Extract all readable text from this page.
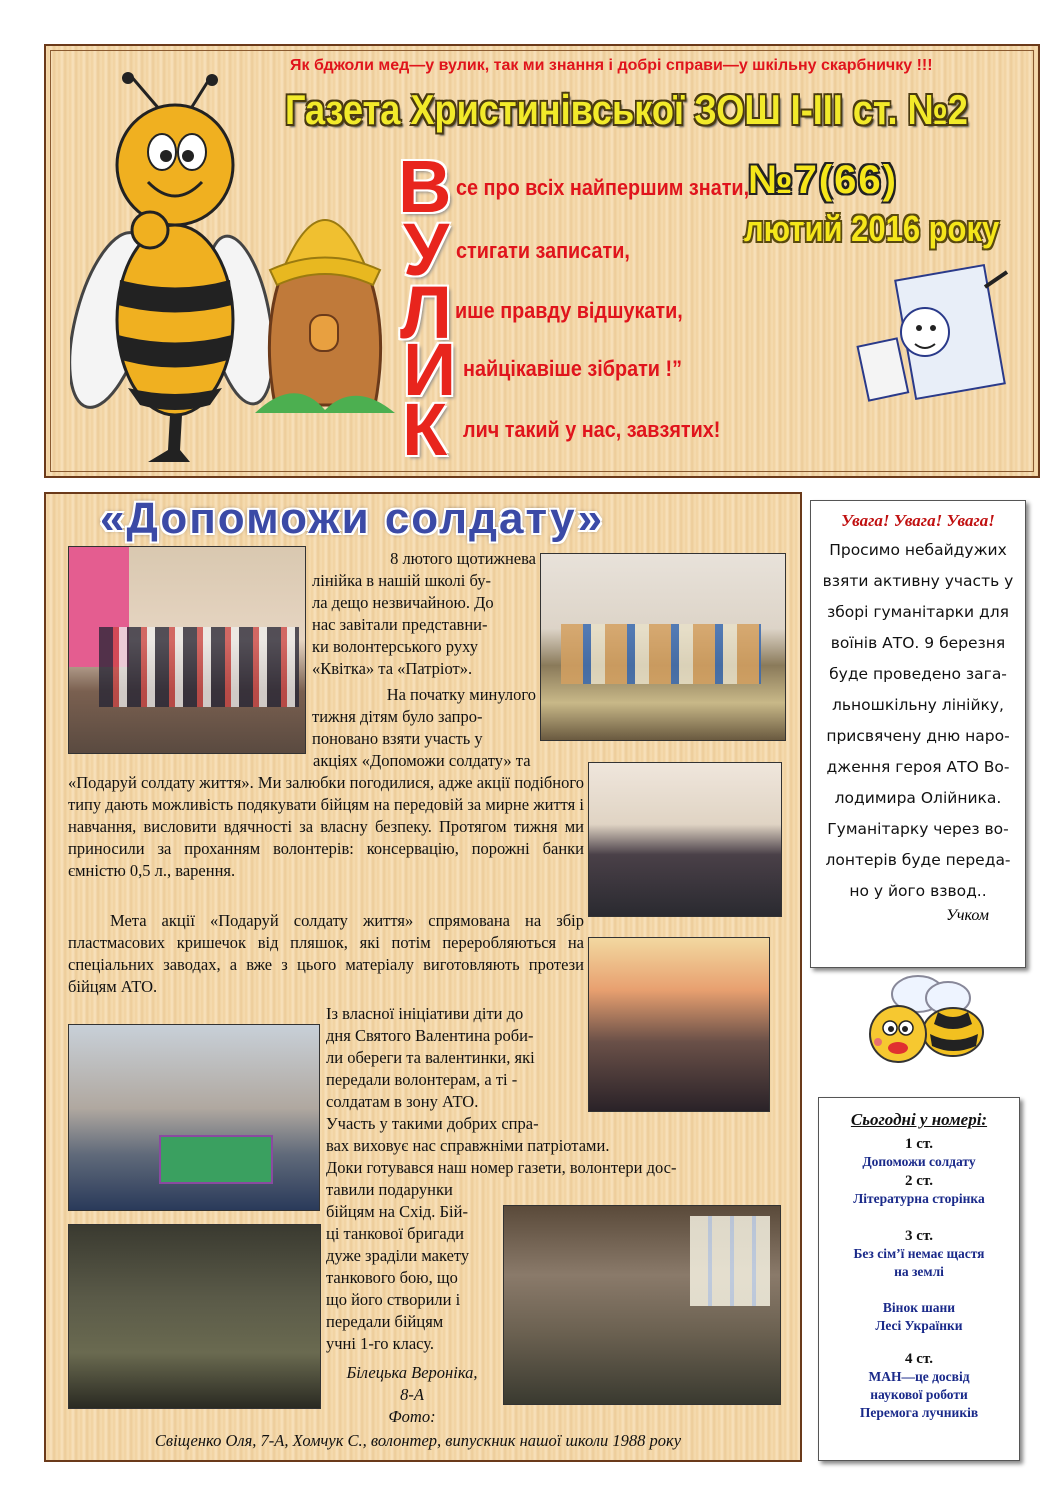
Як бджоли мед—у вулик, так ми знання і добрі справи—у шкільну скарбничку !!!
Газета Христинівської ЗОШ І-ІІІ ст. №2
№7(66)
лютий 2016 року
В
У
Л
И
К
се про всіх найпершим знати,
стигати записати,
ише правду відшукати,
найцікавіше зібрати !”
лич такий у нас, завзятих!
«Допоможи солдату»
8 лютого щотижнева
лінійка в нашій школі бу-
ла дещо незвичайною. До
нас завітали представни-
ки волонтерського руху
«Квітка» та «Патріот».
На початку минулого
тижня дітям було запро-
поновано взяти участь у
акціях «Допоможи солдату» та
«Подаруй солдату життя». Ми залюбки погодилися, адже акції подібного типу дають можливість подякувати бійцям на передовій за мирне життя і навчання, висловити вдячності за власну безпеку. Протягом тижня ми приносили за проханням волонтерів: консервацію, порожні банки ємністю 0,5 л., варення.
Мета акції «Подаруй солдату життя» спрямована на збір пластмасових кришечок від пляшок, які потім переробляються на спеціальних заводах, а вже з цього матеріалу виготовляють протези бійцям АТО.
Із власної ініціативи діти до
дня Святого Валентина роби-
ли обереги та валентинки, які
передали волонтерам, а ті -
солдатам в зону АТО.
Участь у такими добрих спра-
вах виховує нас справжніми патріотами.
Доки готувався наш номер газети, волонтери дос-
тавили подарунки
бійцям на Схід. Бій-
ці танкової бригади
дуже зраділи макету
танкового бою, що
що його створили і
передали бійцям
учні 1-го класу.
Білецька Вероніка,
8-А
Фото:
Свіщенко Оля, 7-А, Хомчук С., волонтер, випускник нашої школи 1988 року
Увага! Увага! Увага!
Просимо небайдужих
взяти активну участь у
зборі гуманітарки для
воїнів АТО. 9 березня
буде проведено зага-
льношкільну лінійку,
присвячену дню наро-
дження героя АТО Во-
лодимира Олійника.
Гуманітарку через во-
лонтерів буде переда-
но у його взвод..
Учком
Сьогодні у номері:
1 ст.
Допоможи солдату
2 ст.
Літературна сторінка
3 ст.
Без сім’ї немає щастя
на землі
Вінок шани
Лесі Українки
4 ст.
МАН—це досвід
наукової роботи
Перемога лучників
